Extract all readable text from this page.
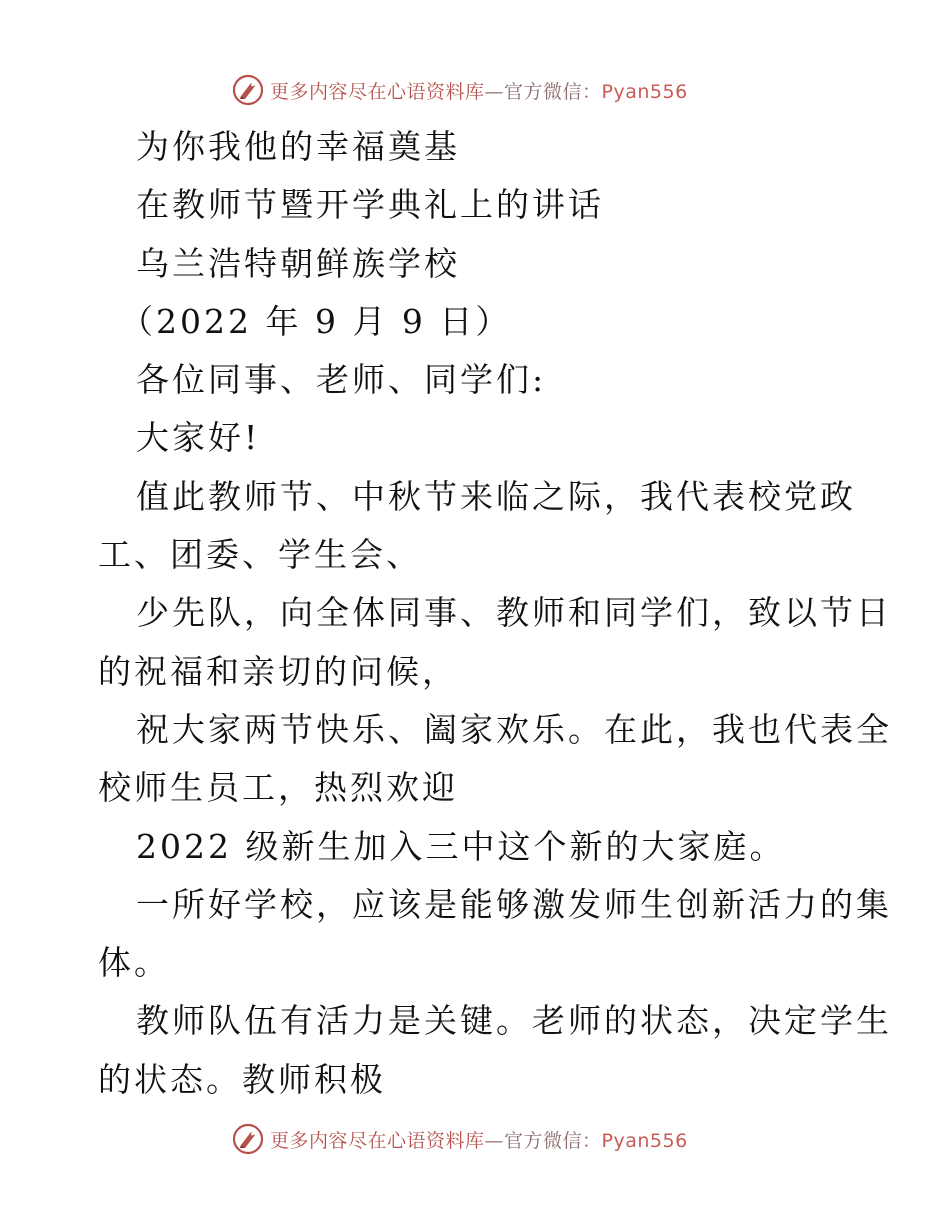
更多内容尽在心语资料库—官方微信：Pyan556
为你我他的幸福奠基
在教师节暨开学典礼上的讲话
乌兰浩特朝鲜族学校
（2022 年 9 月 9 日）
各位同事、老师、同学们:
大家好!
值此教师节、中秋节来临之际，我代表校党政
工、团委、学生会、
少先队，向全体同事、教师和同学们，致以节日
的祝福和亲切的问候，
祝大家两节快乐、阖家欢乐。在此，我也代表全
校师生员工，热烈欢迎
2022 级新生加入三中这个新的大家庭。
一所好学校，应该是能够激发师生创新活力的集
体。
教师队伍有活力是关键。老师的状态，决定学生
的状态。教师积极
更多内容尽在心语资料库—官方微信：Pyan556
